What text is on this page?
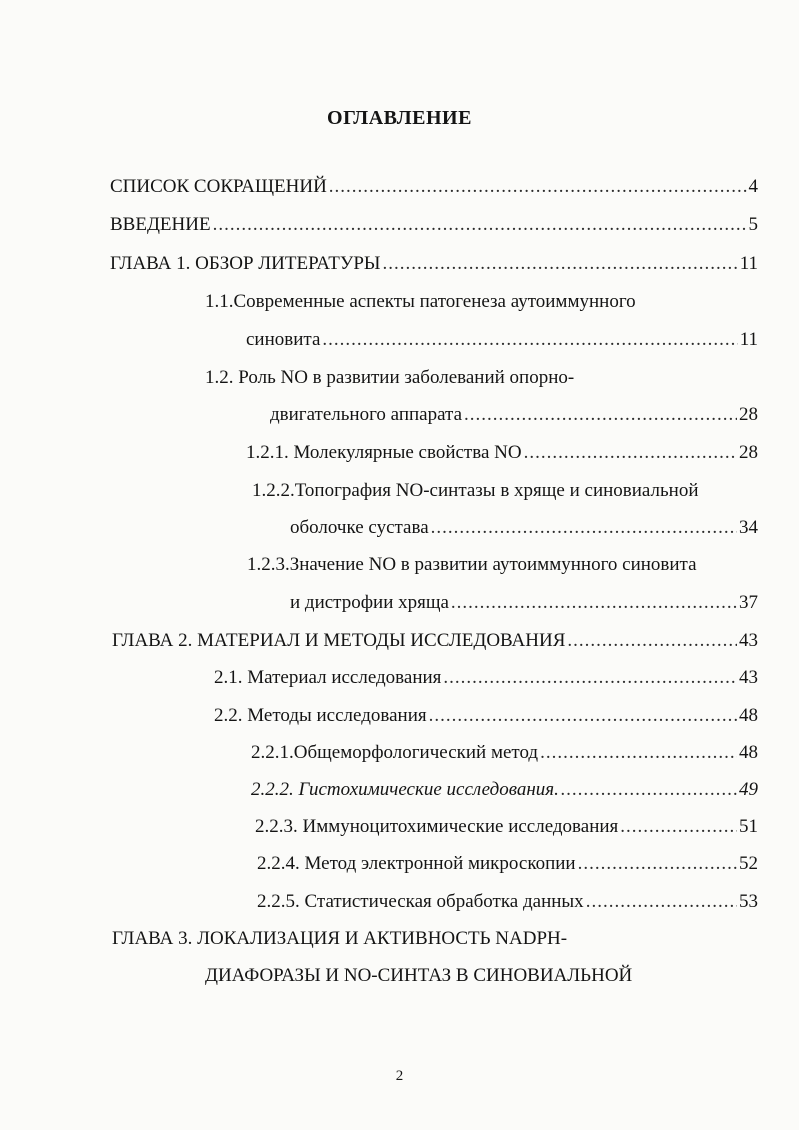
ОГЛАВЛЕНИЕ
СПИСОК СОКРАЩЕНИЙ .....	4
ВВЕДЕНИЕ .....	5
ГЛАВА 1. ОБЗОР ЛИТЕРАТУРЫ .....	11
1.1.Современные аспекты патогенеза аутоиммунного
синовита .....	11
1.2. Роль NO в развитии заболеваний опорно-
двигательного аппарата .....	28
1.2.1. Молекулярные свойства NO .....	28
1.2.2.Топография NO-синтазы в хряще и синовиальной
оболочке сустава .....	34
1.2.3.Значение NO в развитии аутоиммунного синовита
и дистрофии хряща .....	37
ГЛАВА 2. МАТЕРИАЛ И МЕТОДЫ ИССЛЕДОВАНИЯ .....	43
2.1. Материал исследования .....	43
2.2. Методы исследования .....	48
2.2.1.Общеморфологический метод .....	48
2.2.2. Гистохимические исследования. .....	49
2.2.3. Иммуноцитохимические исследования .....	51
2.2.4. Метод электронной микроскопии .....	52
2.2.5. Статистическая обработка данных .....	53
ГЛАВА 3. ЛОКАЛИЗАЦИЯ И АКТИВНОСТЬ NADPH-
ДИАФОРАЗЫ И NO-СИНТАЗ В СИНОВИАЛЬНОЙ
2
